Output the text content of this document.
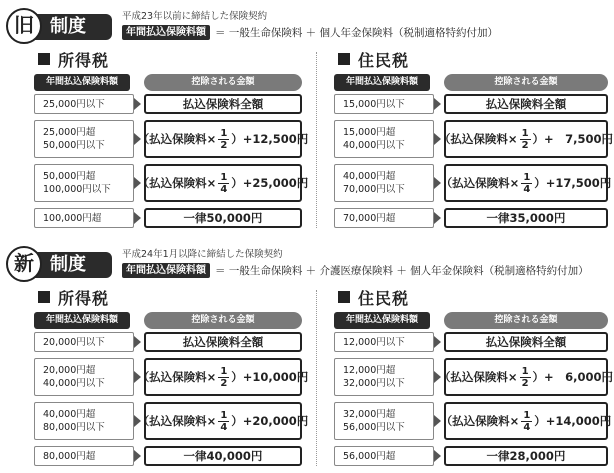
制度
旧	平成23年以前に締結した保険契約
年間払込保険料額 ＝ 一般生命保険料 ＋ 個人年金保険料（税制適格特約付加）
所得税
年間払込保険料額	控除される金額
25,000円以下	払込保険料全額
25,000円超
50,000円以下	（払込保険料× $\frac{1}{2} )+12,500$円
50,000円超
100,000円以下	（払込保険料× $\frac{1}{4} )+25,000$円
100,000円超	一律50,000円
住民税
年間払込保険料額	控除される金額
15,000円以下	払込保険料全額
15,000円超
40,000円以下	（払込保険料× $\frac{1}{2}$ ）+　7,500円
40,000円超
70,000円以下	（払込保険料× $\frac{1}{4} )+17,500$円
70,000円超	一律35,000円
制度
新	平成24年1月以降に締結した保険契約
年間払込保険料額 ＝ 一般生命保険料 ＋ 介護医療保険料 ＋ 個人年金保険料（税制適格特約付加）
所得税
年間払込保険料額	控除される金額
20,000円以下	払込保険料全額
20,000円超
40,000円以下	（払込保険料× $\frac{1}{2} )+10,000$円
40,000円超
80,000円以下	（払込保険料× $\frac{1}{4} )+20,000$円
80,000円超	一律40,000円
住民税
年間払込保険料額	控除される金額
12,000円以下	払込保険料全額
12,000円超
32,000円以下	（払込保険料× $\frac{1}{2}$ ）+　6,000円
32,000円超
56,000円以下	（払込保険料× $\frac{1}{4} )+14,000$円
56,000円超	一律28,000円
